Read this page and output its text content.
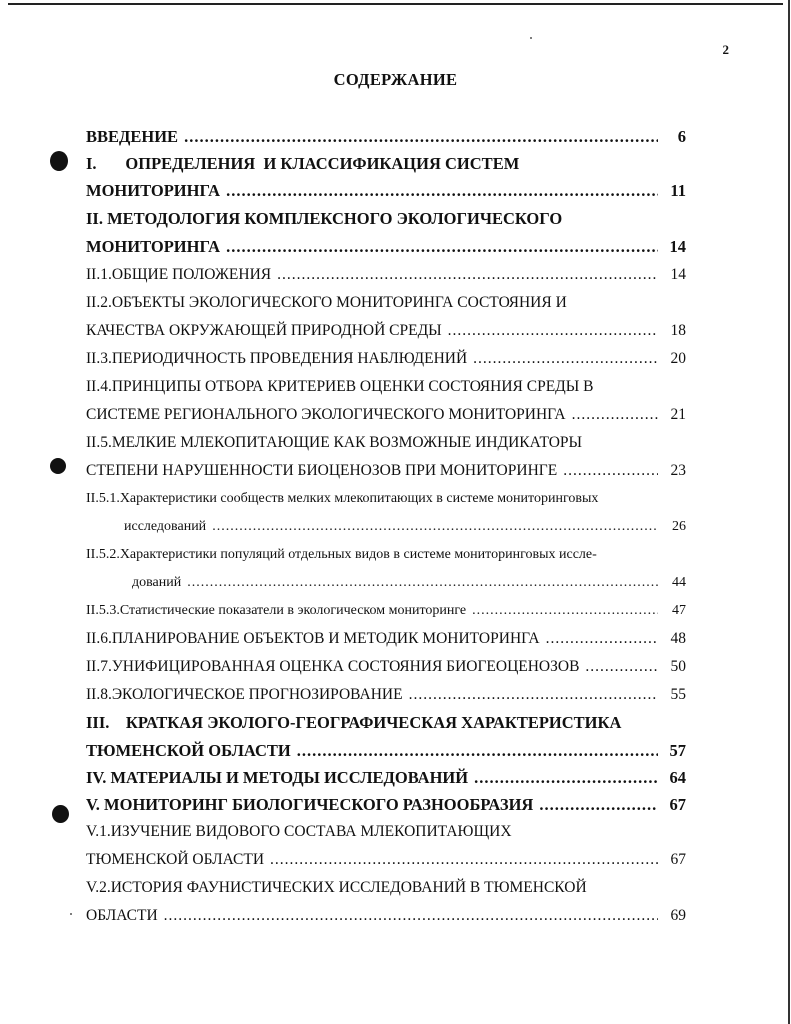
2
СОДЕРЖАНИЕ
ВВЕДЕНИЕ .....	6
I.       ОПРЕДЕЛЕНИЯ  И КЛАССИФИКАЦИЯ СИСТЕМ
МОНИТОРИНГА .....	11
II. МЕТОДОЛОГИЯ КОМПЛЕКСНОГО ЭКОЛОГИЧЕСКОГО
МОНИТОРИНГА .....	14
II.1.ОБЩИЕ ПОЛОЖЕНИЯ .....	14
II.2.ОБЪЕКТЫ ЭКОЛОГИЧЕСКОГО МОНИТОРИНГА СОСТОЯНИЯ И
КАЧЕСТВА ОКРУЖАЮЩЕЙ ПРИРОДНОЙ СРЕДЫ .....	18
II.3.ПЕРИОДИЧНОСТЬ ПРОВЕДЕНИЯ НАБЛЮДЕНИЙ .....	20
II.4.ПРИНЦИПЫ ОТБОРА КРИТЕРИЕВ ОЦЕНКИ СОСТОЯНИЯ СРЕДЫ В
СИСТЕМЕ РЕГИОНАЛЬНОГО ЭКОЛОГИЧЕСКОГО МОНИТОРИНГА .....	21
II.5.МЕЛКИЕ МЛЕКОПИТАЮЩИЕ КАК ВОЗМОЖНЫЕ ИНДИКАТОРЫ
СТЕПЕНИ НАРУШЕННОСТИ БИОЦЕНОЗОВ ПРИ МОНИТОРИНГЕ .....	23
II.5.1.Характеристики сообществ мелких млекопитающих в системе мониторинговых
исследований .....	26
II.5.2.Характеристики популяций отдельных видов в системе мониторинговых иссле-
дований .....	44
II.5.3.Статистические показатели в экологическом мониторинге .....	47
II.6.ПЛАНИРОВАНИЕ ОБЪЕКТОВ И МЕТОДИК МОНИТОРИНГА .....	48
II.7.УНИФИЦИРОВАННАЯ ОЦЕНКА СОСТОЯНИЯ БИОГЕОЦЕНОЗОВ .....	50
II.8.ЭКОЛОГИЧЕСКОЕ ПРОГНОЗИРОВАНИЕ .....	55
III.    КРАТКАЯ ЭКОЛОГО-ГЕОГРАФИЧЕСКАЯ ХАРАКТЕРИСТИКА
ТЮМЕНСКОЙ ОБЛАСТИ .....	57
IV. МАТЕРИАЛЫ И МЕТОДЫ ИССЛЕДОВАНИЙ .....	64
V. МОНИТОРИНГ БИОЛОГИЧЕСКОГО РАЗНООБРАЗИЯ .....	67
V.1.ИЗУЧЕНИЕ ВИДОВОГО СОСТАВА МЛЕКОПИТАЮЩИХ
ТЮМЕНСКОЙ ОБЛАСТИ .....	67
V.2.ИСТОРИЯ ФАУНИСТИЧЕСКИХ ИССЛЕДОВАНИЙ В ТЮМЕНСКОЙ
ОБЛАСТИ .....	69
